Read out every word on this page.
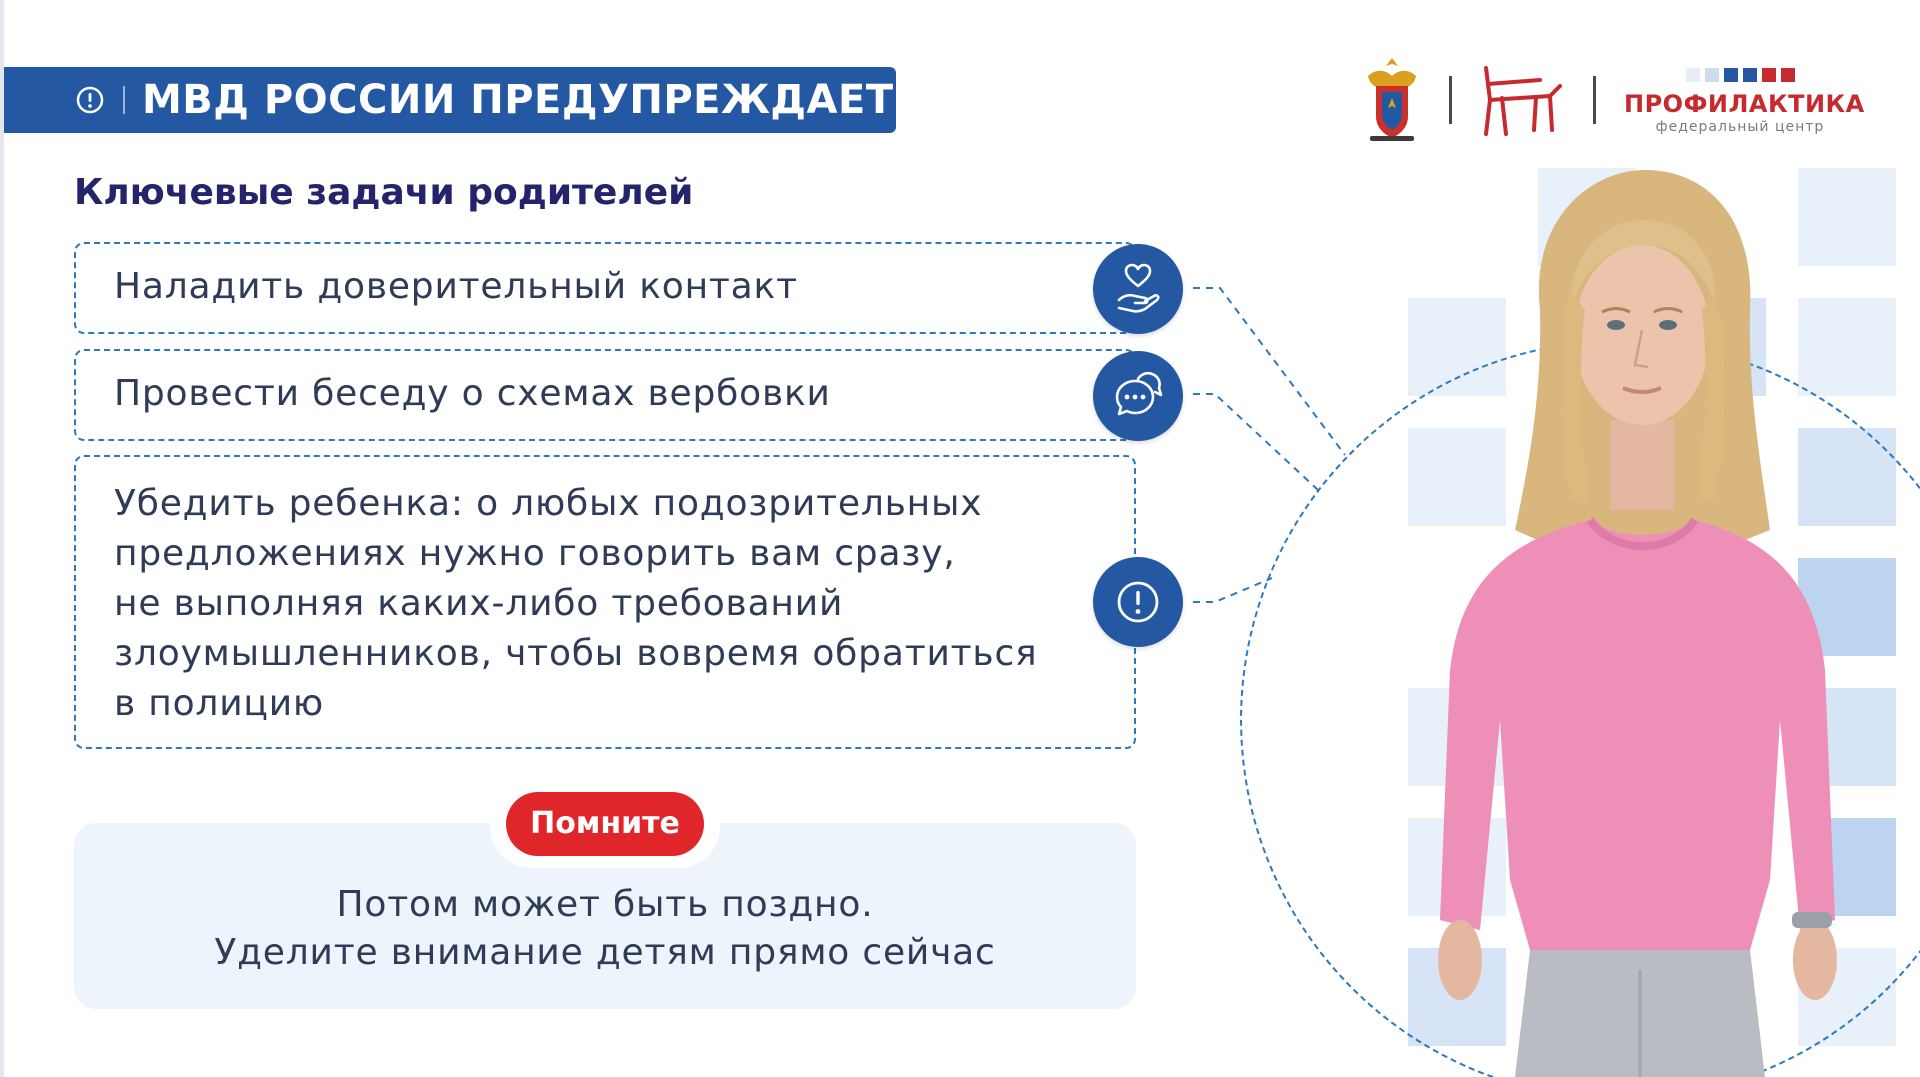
МВД РОССИИ ПРЕДУПРЕЖДАЕТ	ПРОФИЛАКТИКА
федеральный центр
Ключевые задачи родителей
Наладить доверительный контакт
Провести беседу о схемах вербовки
Убедить ребенка: о любых подозрительных
предложениях нужно говорить вам сразу,
не выполняя каких-либо требований
злоумышленников, чтобы вовремя обратиться
в полицию
Помните
Потом может быть поздно.
Уделите внимание детям прямо сейчас
